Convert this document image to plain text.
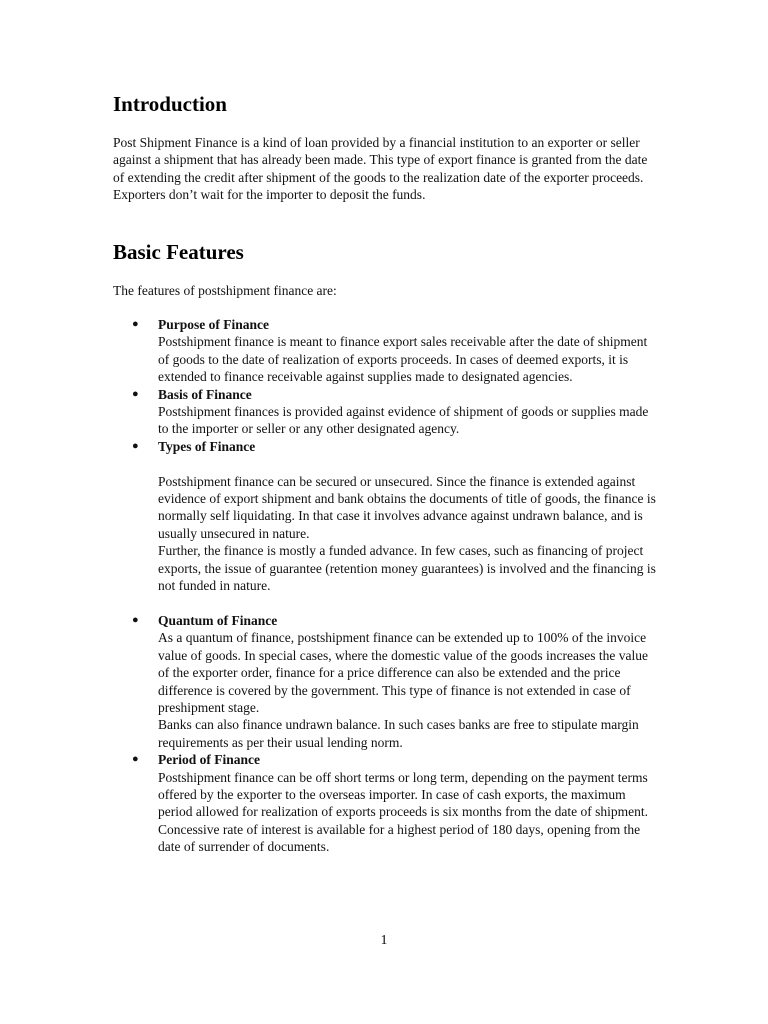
Introduction

Post Shipment Finance is a kind of loan provided by a financial institution to an exporter or seller against a shipment that has already been made. This type of export finance is granted from the date of extending the credit after shipment of the goods to the realization date of the exporter proceeds. Exporters don’t wait for the importer to deposit the funds.

Basic Features

The features of postshipment finance are:

● Purpose of Finance
Postshipment finance is meant to finance export sales receivable after the date of shipment of goods to the date of realization of exports proceeds. In cases of deemed exports, it is extended to finance receivable against supplies made to designated agencies.
● Basis of Finance
Postshipment finances is provided against evidence of shipment of goods or supplies made to the importer or seller or any other designated agency.
● Types of Finance
Postshipment finance can be secured or unsecured. Since the finance is extended against evidence of export shipment and bank obtains the documents of title of goods, the finance is normally self liquidating. In that case it involves advance against undrawn balance, and is usually unsecured in nature.
Further, the finance is mostly a funded advance. In few cases, such as financing of project exports, the issue of guarantee (retention money guarantees) is involved and the financing is not funded in nature.
● Quantum of Finance
As a quantum of finance, postshipment finance can be extended up to 100% of the invoice value of goods. In special cases, where the domestic value of the goods increases the value of the exporter order, finance for a price difference can also be extended and the price difference is covered by the government. This type of finance is not extended in case of preshipment stage.
Banks can also finance undrawn balance. In such cases banks are free to stipulate margin requirements as per their usual lending norm.
● Period of Finance
Postshipment finance can be off short terms or long term, depending on the payment terms offered by the exporter to the overseas importer. In case of cash exports, the maximum period allowed for realization of exports proceeds is six months from the date of shipment. Concessive rate of interest is available for a highest period of 180 days, opening from the date of surrender of documents.
1
